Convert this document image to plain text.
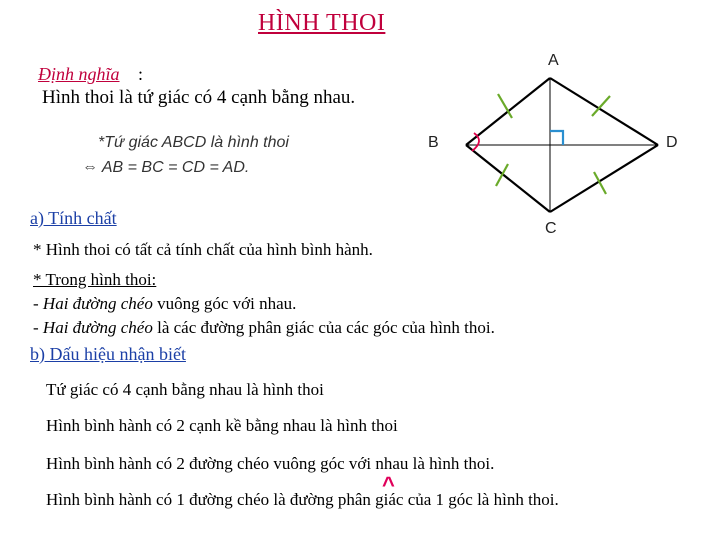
HÌNH THOI
Định nghĩa :
Hình thoi là tứ giác có 4 cạnh bằng nhau.
*Tứ giác ABCD là hình thoi
⇔ AB = BC = CD = AD.
A
B
C
D
a) Tính chất
* Hình thoi có tất cả tính chất của hình bình hành.
* Trong hình thoi:
- Hai đường chéo vuông góc với nhau.
- Hai đường chéo là các đường phân giác của các góc của hình thoi.
b) Dấu hiệu nhận biết
Tứ giác có 4 cạnh bằng nhau là hình thoi
Hình bình hành có 2 cạnh kề bằng nhau là hình thoi
Hình bình hành có 2 đường chéo vuông góc với nhau là hình thoi.
Hình bình hành có 1 đường chéo là đường phân giác của 1 góc là hình thoi.
^
